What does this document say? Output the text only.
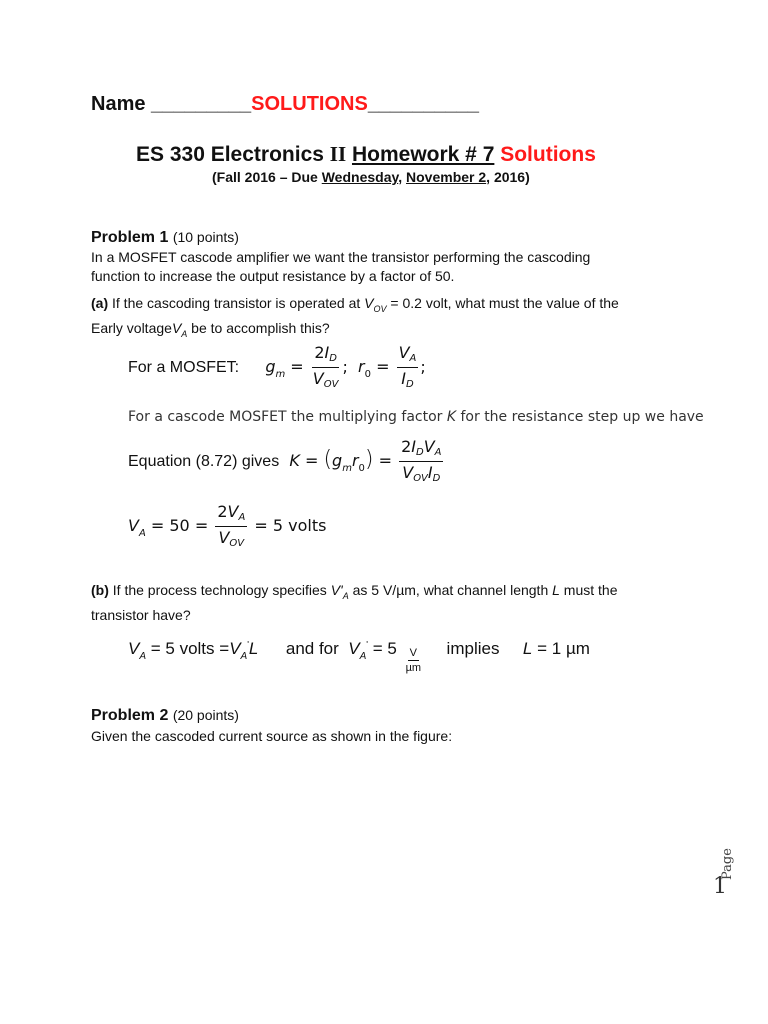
Name _________SOLUTIONS__________
ES 330 Electronics II Homework # 7 Solutions
(Fall 2016 – Due Wednesday, November 2, 2016)
Problem 1 (10 points)
In a MOSFET cascode amplifier we want the transistor performing the cascoding
function to increase the output resistance by a factor of 50.
(a) If the cascoding transistor is operated at $V_{OV} = 0.2$ volt, what must the value of the
Early voltageV$_A$ be to accomplish this?
For a MOSFET: $g_m = \frac{2ID}{\text{VOV}}$ ;  $r_0 = \frac{VA}{ID}$ ;
For a cascode MOSFET the multiplying factor K for the resistance step up we have
Equation (8.72) gives $K = (g_mr_0) = \frac{\text{2IDVA}}{\text{VOVID}}$
$V_A = 50 = \frac{2VA}{\text{VOV}} = 5$ volts
(b) If the process technology specifies $V'_A$ as 5 V/µm, what channel length L must the
transistor have?
$V_A = 5$ volts $=V_A'L$ and for $V_A' = 5 \frac{V}{\text{µm}}$ implies L = 1 µm
Problem 2 (20 points)
Given the cascoded current source as shown in the figure:
Page
1
